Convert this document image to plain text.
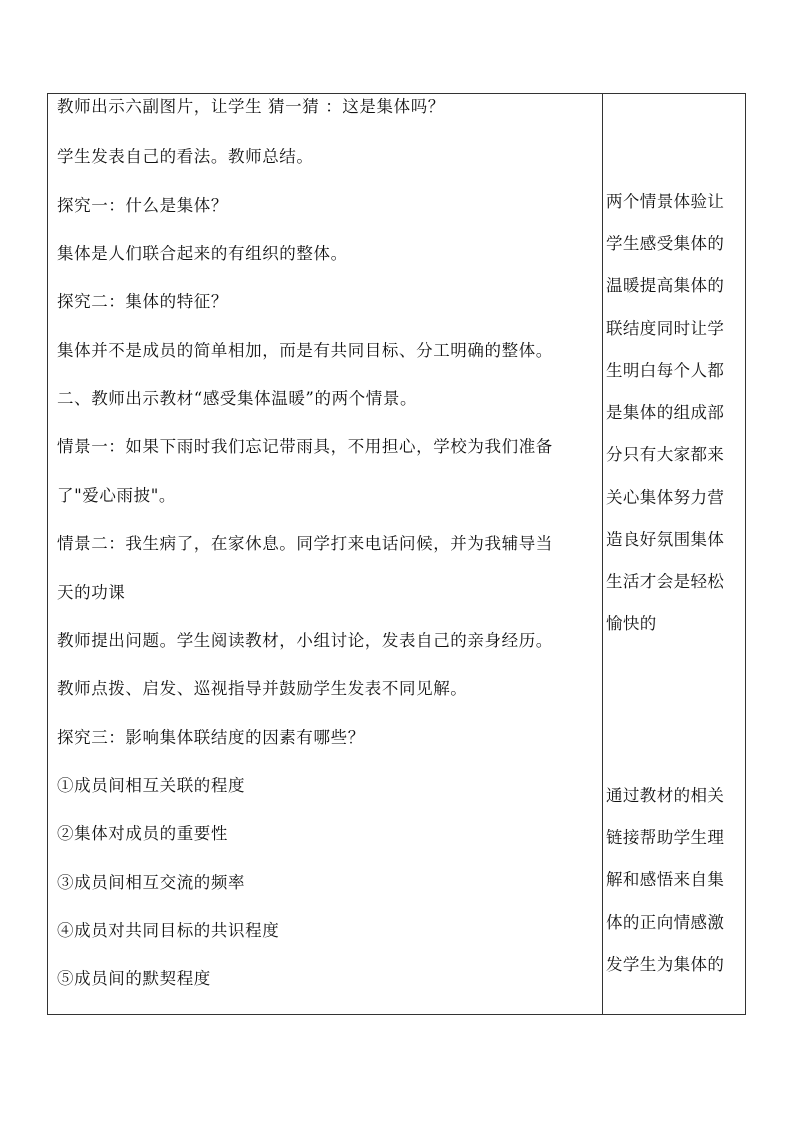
教师出示六副图片，让学生 猜一猜 ：这是集体吗？
学生发表自己的看法。教师总结。
探究一：什么是集体？
集体是人们联合起来的有组织的整体。
探究二：集体的特征？
集体并不是成员的简单相加，而是有共同目标、分工明确的整体。
二、教师出示教材“感受集体温暖”的两个情景。
情景一：如果下雨时我们忘记带雨具，不用担心，学校为我们准备
了"爱心雨披"。
情景二：我生病了，在家休息。同学打来电话问候，并为我辅导当
天的功课
教师提出问题。学生阅读教材，小组讨论，发表自己的亲身经历。
教师点拨、启发、巡视指导并鼓励学生发表不同见解。
探究三：影响集体联结度的因素有哪些？
①成员间相互关联的程度
②集体对成员的重要性
③成员间相互交流的频率
④成员对共同目标的共识程度
⑤成员间的默契程度
两个情景体验让
学生感受集体的
温暖提高集体的
联结度同时让学
生明白每个人都
是集体的组成部
分只有大家都来
关心集体努力营
造良好氛围集体
生活才会是轻松
愉快的
通过教材的相关
链接帮助学生理
解和感悟来自集
体的正向情感激
发学生为集体的
